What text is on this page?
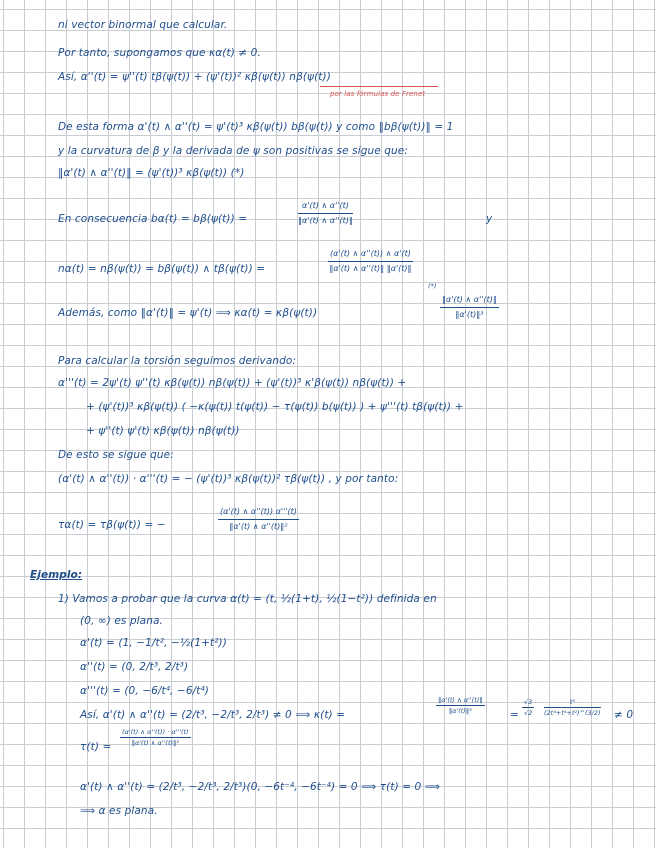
ni vector binormal que calcular.
Por tanto, supongamos que κα(t) ≠ 0.
Así, α''(t) = ψ''(t) tβ(ψ(t)) + (ψ'(t))² κβ(ψ(t)) nβ(ψ(t))
por las fórmulas de Frenet
De esta forma α'(t) ∧ α''(t) = ψ'(t)³ κβ(ψ(t)) bβ(ψ(t)) y como ‖bβ(ψ(t))‖ = 1
y la curvatura de β y la derivada de ψ son positivas se sigue que:
‖α'(t) ∧ α''(t)‖ = (ψ'(t))³ κβ(ψ(t)) (*)
En consecuencia bα(t) = bβ(ψ(t)) =	$\frac{\alpha'(t) \wedge \alpha''(t)}{‖\alpha'(t) \wedge \alpha''(t)‖}$	y
nα(t) = nβ(ψ(t)) = bβ(ψ(t)) ∧ tβ(ψ(t)) =	$\frac{(\alpha'(t) \wedge \alpha''(t)) \wedge \alpha'(t)}{‖\alpha'(t) \wedge \alpha''(t)‖ ‖\alpha'(t)‖}$
(*)
Además, como ‖α'(t)‖ = ψ'(t) ⟹ κα(t) = κβ(ψ(t))	$\frac{‖\alpha'(t) \wedge \alpha''(t)‖}{\text{‖α'(t)‖³}}$
Para calcular la torsión seguimos derivando:
α'''(t) = 2ψ'(t) ψ''(t) κβ(ψ(t)) nβ(ψ(t)) + (ψ'(t))³ κ'β(ψ(t)) nβ(ψ(t)) +
+ (ψ'(t))³ κβ(ψ(t)) ( −κ(ψ(t)) t(ψ(t)) − τ(ψ(t)) b(ψ(t)) ) + ψ'''(t) tβ(ψ(t)) +
+ ψ''(t) ψ'(t) κβ(ψ(t)) nβ(ψ(t))
De esto se sigue que:
(α'(t) ∧ α''(t)) · α'''(t) = − (ψ'(t))³ κβ(ψ(t))² τβ(ψ(t)) , y por tanto:
τα(t) = τβ(ψ(t)) = −	$\frac{(\alpha'(t) \wedge \alpha''(t)) \alpha'''(t)}{\text{‖α'(t) ∧ α''(t)‖²}}$
Ejemplo:
1) Vamos a probar que la curva α(t) = (t, ½(1+t), ½(1−t²)) definida en
(0, ∞) es plana.
α'(t) = (1, −1/t², −½(1+t²))
α''(t) = (0, 2/t³, 2/t³)
α'''(t) = (0, −6/t⁴, −6/t⁴)
Así, α'(t) ∧ α''(t) = (2/t³, −2/t³, 2/t³) ≠ 0 ⟹ κ(t) =	$\frac{‖\alpha'(t) \wedge \alpha''(t)‖}{\text{‖α'(t)‖³}} = \frac{√3}{√2} \frac{\text{t³}}{\text{(2t⁴+t⁶+t²)\textasciicircum{}(3/2)}} \ne 0$
$\tau(t) = \frac{(\alpha'(t) \wedge \alpha''(t)) \cdot \alpha'''(t)}{\text{‖α'(t) ∧ α''(t)‖²}}$
α'(t) ∧ α''(t) = (2/t³, −2/t³, 2/t³)(0, −6t⁻⁴, −6t⁻⁴) = 0 ⟹ τ(t) = 0 ⟹
⟹ α es plana.
